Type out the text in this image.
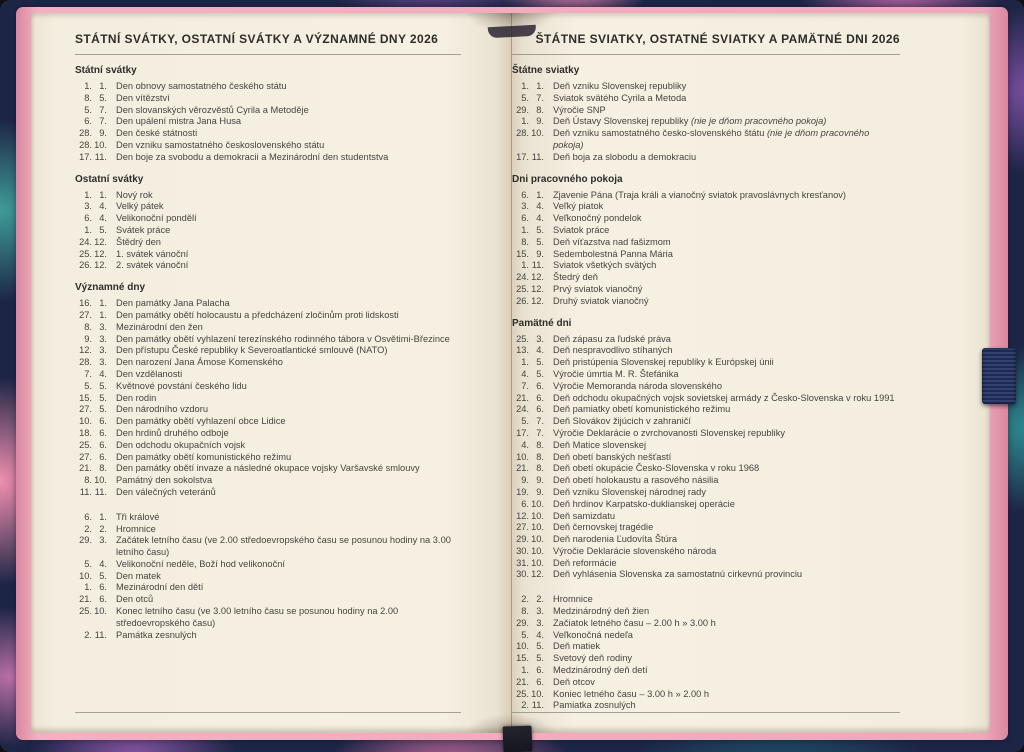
STÁTNÍ SVÁTKY, OSTATNÍ SVÁTKY A VÝZNAMNÉ DNY 2026
Státní svátky
1. 1. Den obnovy samostatného českého státu
8. 5. Den vítězství
5. 7. Den slovanských věrozvěstů Cyrila a Metoděje
6. 7. Den upálení mistra Jana Husa
28. 9. Den české státnosti
28. 10. Den vzniku samostatného československého státu
17. 11. Den boje za svobodu a demokracii a Mezinárodní den studentstva
Ostatní svátky
1. 1. Nový rok
3. 4. Velký pátek
6. 4. Velikonoční pondělí
1. 5. Svátek práce
24. 12. Štědrý den
25. 12. 1. svátek vánoční
26. 12. 2. svátek vánoční
Významné dny
16. 1. Den památky Jana Palacha
27. 1. Den památky obětí holocaustu a předcházení zločinům proti lidskosti
8. 3. Mezinárodní den žen
9. 3. Den památky obětí vyhlazení terezínského rodinného tábora v Osvětimi-Březince
12. 3. Den přístupu České republiky k Severoatlantické smlouvě (NATO)
28. 3. Den narození Jana Ámose Komenského
7. 4. Den vzdělanosti
5. 5. Květnové povstání českého lidu
15. 5. Den rodin
27. 5. Den národního vzdoru
10. 6. Den památky obětí vyhlazení obce Lidice
18. 6. Den hrdinů druhého odboje
25. 6. Den odchodu okupačních vojsk
27. 6. Den památky obětí komunistického režimu
21. 8. Den památky obětí invaze a následné okupace vojsky Varšavské smlouvy
8. 10. Památný den sokolstva
11. 11. Den válečných veteránů
6. 1. Tři králové
2. 2. Hromnice
29. 3. Začátek letního času (ve 2.00 středoevropského času se posunou hodiny na 3.00 letního času)
5. 4. Velikonoční neděle, Boží hod velikonoční
10. 5. Den matek
1. 6. Mezinárodní den dětí
21. 6. Den otců
25. 10. Konec letního času (ve 3.00 letního času se posunou hodiny na 2.00 středoevropského času)
2. 11. Památka zesnulých
ŠTÁTNE SVIATKY, OSTATNÉ SVIATKY A PAMÄTNÉ DNI 2026
Štátne sviatky
1. 1. Deň vzniku Slovenskej republiky
5. 7. Sviatok svätého Cyrila a Metoda
29. 8. Výročie SNP
1. 9. Deň Ústavy Slovenskej republiky (nie je dňom pracovného pokoja)
28. 10. Deň vzniku samostatného česko-slovenského štátu (nie je dňom pracovného pokoja)
17. 11. Deň boja za slobodu a demokraciu
Dni pracovného pokoja
6. 1. Zjavenie Pána (Traja králi a vianočný sviatok pravoslávnych kresťanov)
3. 4. Veľký piatok
6. 4. Veľkonočný pondelok
1. 5. Sviatok práce
8. 5. Deň víťazstva nad fašizmom
15. 9. Sedembolestná Panna Mária
1. 11. Sviatok všetkých svätých
24. 12. Štedrý deň
25. 12. Prvý sviatok vianočný
26. 12. Druhý sviatok vianočný
Pamätné dni
25. 3. Deň zápasu za ľudské práva
13. 4. Deň nespravodlivo stíhaných
1. 5. Deň pristúpenia Slovenskej republiky k Európskej únii
4. 5. Výročie úmrtia M. R. Štefánika
7. 6. Výročie Memoranda národa slovenského
21. 6. Deň odchodu okupačných vojsk sovietskej armády z Česko-Slovenska v roku 1991
24. 6. Deň pamiatky obetí komunistického režimu
5. 7. Deň Slovákov žijúcich v zahraničí
17. 7. Výročie Deklarácie o zvrchovanosti Slovenskej republiky
4. 8. Deň Matice slovenskej
10. 8. Deň obetí banských nešťastí
21. 8. Deň obetí okupácie Česko-Slovenska v roku 1968
9. 9. Deň obetí holokaustu a rasového násilia
19. 9. Deň vzniku Slovenskej národnej rady
6. 10. Deň hrdinov Karpatsko-duklianskej operácie
12. 10. Deň samizdatu
27. 10. Deň černovskej tragédie
29. 10. Deň narodenia Ľudovíta Štúra
30. 10. Výročie Deklarácie slovenského národa
31. 10. Deň reformácie
30. 12. Deň vyhlásenia Slovenska za samostatnú cirkevnú provinciu
2. 2. Hromnice
8. 3. Medzinárodný deň žien
29. 3. Začiatok letného času – 2.00 h » 3.00 h
5. 4. Veľkonočná nedeľa
10. 5. Deň matiek
15. 5. Svetový deň rodiny
1. 6. Medzinárodný deň detí
21. 6. Deň otcov
25. 10. Koniec letného času – 3.00 h » 2.00 h
2. 11. Pamiatka zosnulých
